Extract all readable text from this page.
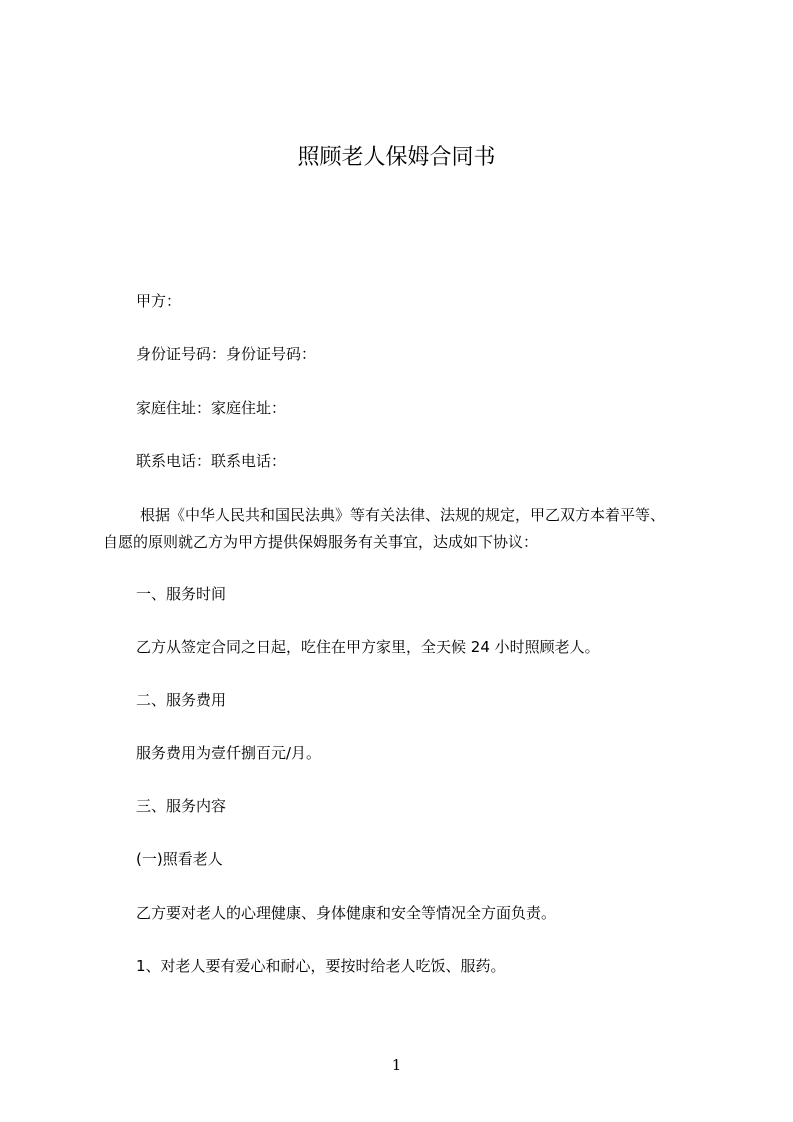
照顾老人保姆合同书
甲方：
身份证号码：身份证号码：
家庭住址：家庭住址：
联系电话：联系电话：
根据《中华人民共和国民法典》等有关法律、法规的规定，甲乙双方本着平等、
自愿的原则就乙方为甲方提供保姆服务有关事宜，达成如下协议：
一、服务时间
乙方从签定合同之日起，吃住在甲方家里，全天候 24 小时照顾老人。
二、服务费用
服务费用为壹仟捌百元/月。
三、服务内容
(一)照看老人
乙方要对老人的心理健康、身体健康和安全等情况全方面负责。
1、对老人要有爱心和耐心，要按时给老人吃饭、服药。
1
